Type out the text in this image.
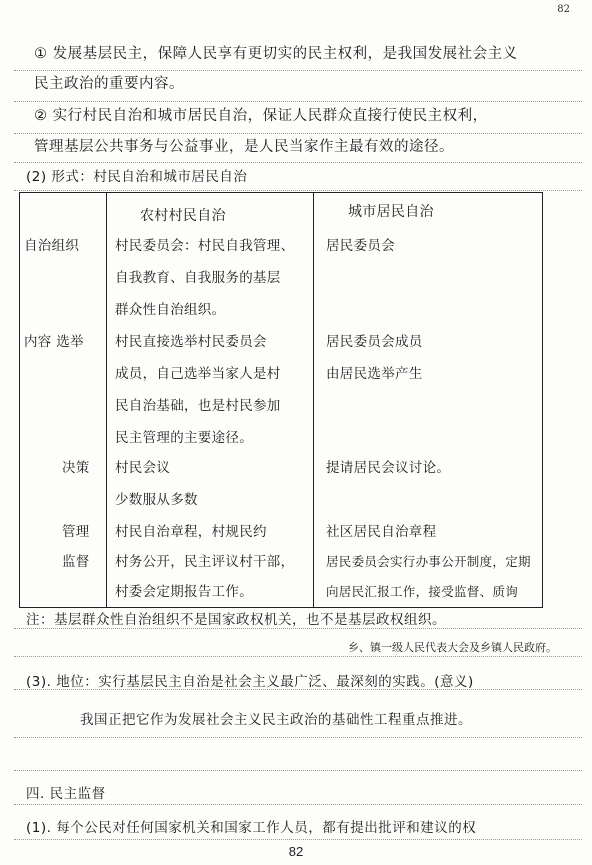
82
① 发展基层民主，保障人民享有更切实的民主权利，是我国发展社会主义
民主政治的重要内容。
② 实行村民自治和城市居民自治，保证人民群众直接行使民主权利，
管理基层公共事务与公益事业，是人民当家作主最有效的途径。
(2) 形式：村民自治和城市居民自治
农村村民自治	城市居民自治
自治组织	村民委员会：村民自我管理、
自我教育、自我服务的基层
群众性自治组织。
居民委员会
内容 选举 村民直接选举村民委员会
成员，自己选举当家人是村
民自治基础，也是村民参加
民主管理的主要途径。
居民委员会成员
由居民选举产生
决策 村民会议
少数服从多数
提请居民会议讨论。
管理
监督
村民自治章程，村规民约
村务公开，民主评议村干部，
村委会定期报告工作。
社区居民自治章程
居民委员会实行办事公开制度，定期
向居民汇报工作，接受监督、质询
注：基层群众性自治组织不是国家政权机关，也不是基层政权组织。
乡、镇一级人民代表大会及乡镇人民政府。
(3). 地位：实行基层民主自治是社会主义最广泛、最深刻的实践。(意义)
我国正把它作为发展社会主义民主政治的基础性工程重点推进。
四. 民主监督
(1). 每个公民对任何国家机关和国家工作人员，都有提出批评和建议的权
82
